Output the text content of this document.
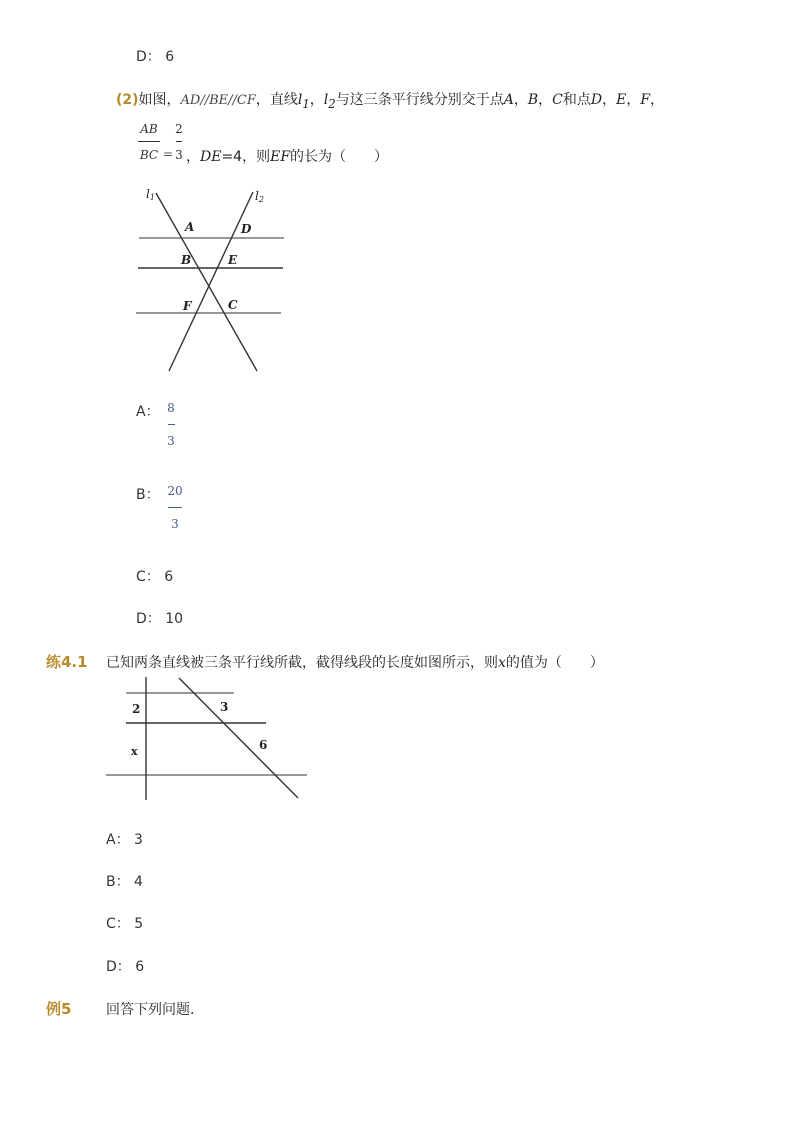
D： 6
(2)如图，AD//BE//CF，直线$l_1$，$l_2$与这三条平行线分别交于点A，B，C和点D，E，F，
AB
BC =
2
3 ，DE=4，则EF的长为（　　）
l1	l2
A	D
B	E
F	C
A： 8
3
B： 20
3
C： 6
D： 10
练4.1 已知两条直线被三条平行线所截，截得线段的长度如图所示，则x的值为（　　）
2	3
6
x
A： 3
B： 4
C： 5
D： 6
例5 回答下列问题.
